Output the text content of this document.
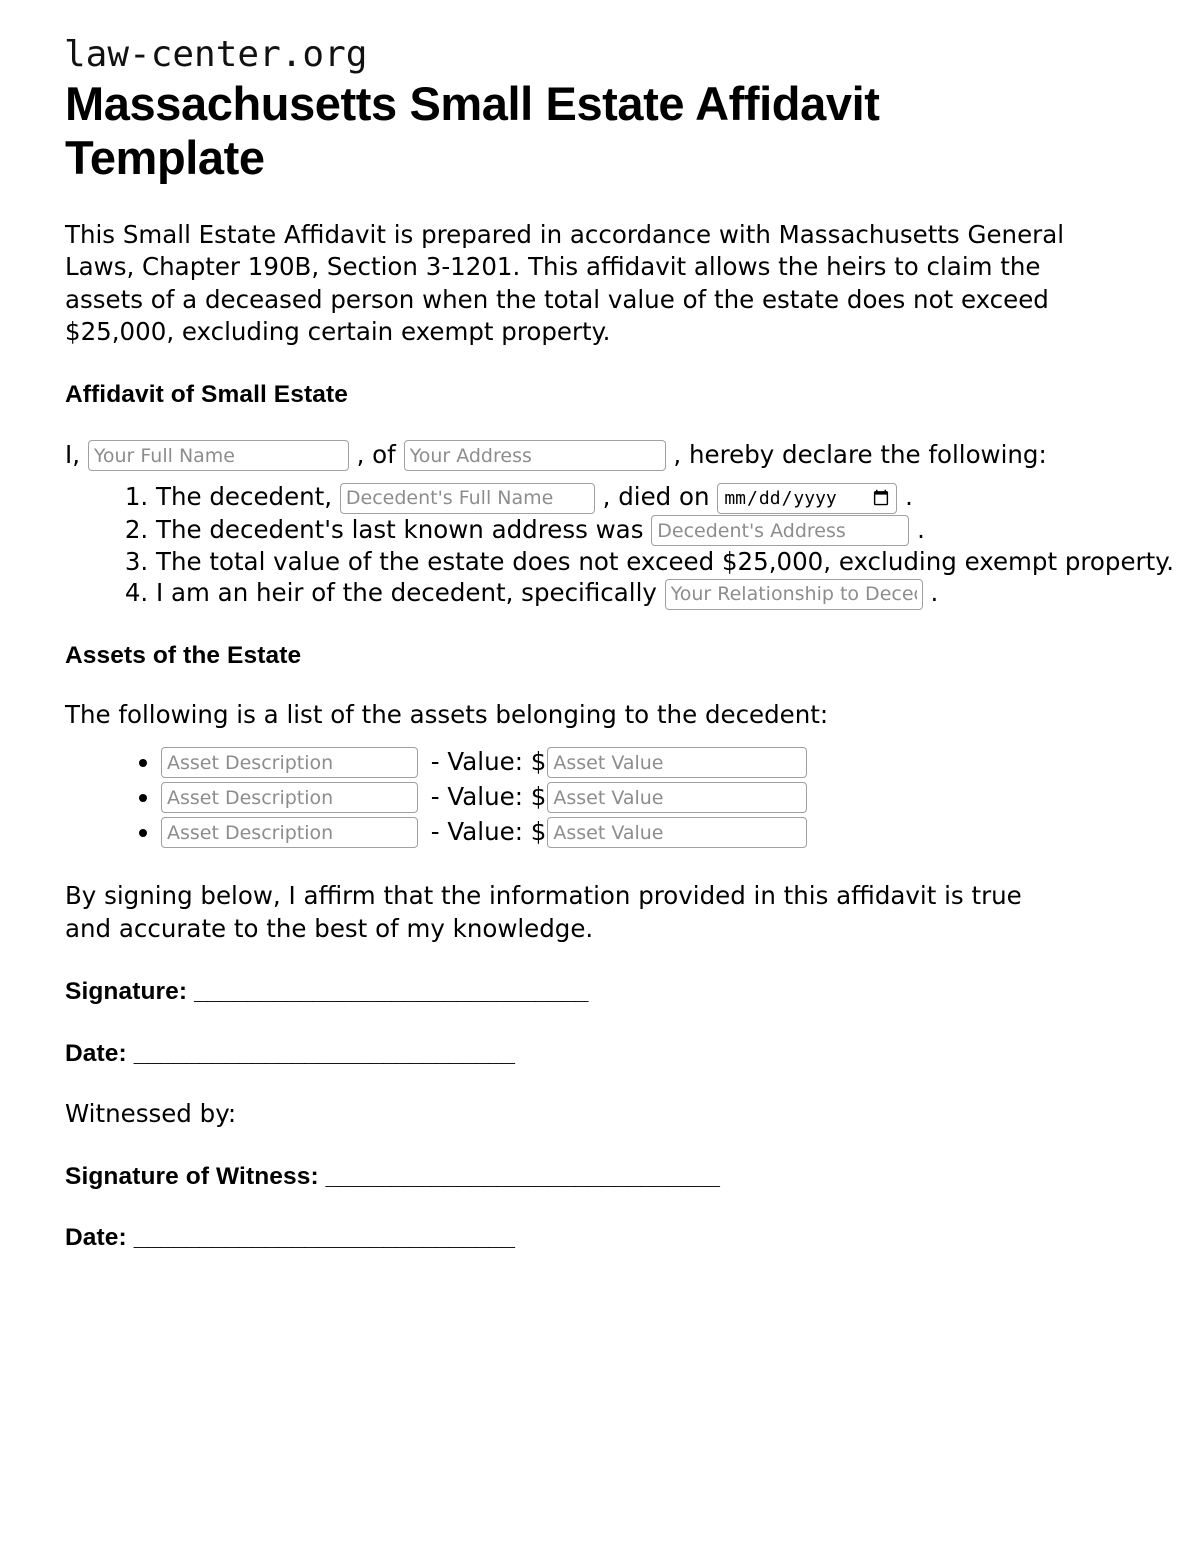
law-center.org
Massachusetts Small Estate Affidavit Template

This Small Estate Affidavit is prepared in accordance with Massachusetts General Laws, Chapter 190B, Section 3-1201. This affidavit allows the heirs to claim the assets of a deceased person when the total value of the estate does not exceed $25,000, excluding certain exempt property.

Affidavit of Small Estate

I, Your Full Name	, of Your Address	, hereby declare the following:

1. The decedent, Decedent's Full Name	, died on	.
2. The decedent's last known address was Decedent's Address	.
3. The total value of the estate does not exceed $25,000, excluding exempt property.
4. I am an heir of the decedent, specifically Your Relationship to Decedent	.
Assets of the Estate

The following is a list of the assets belonging to the decedent:

Asset Description • - Value: $Asset Value
Asset Description • - Value: $Asset Value
Asset Description • - Value: $Asset Value

By signing below, I affirm that the information provided in this affidavit is true and accurate to the best of my knowledge.

Signature: ______________________________

Date: _____________________________

Witnessed by:

Signature of Witness: ______________________________

Date: _____________________________
